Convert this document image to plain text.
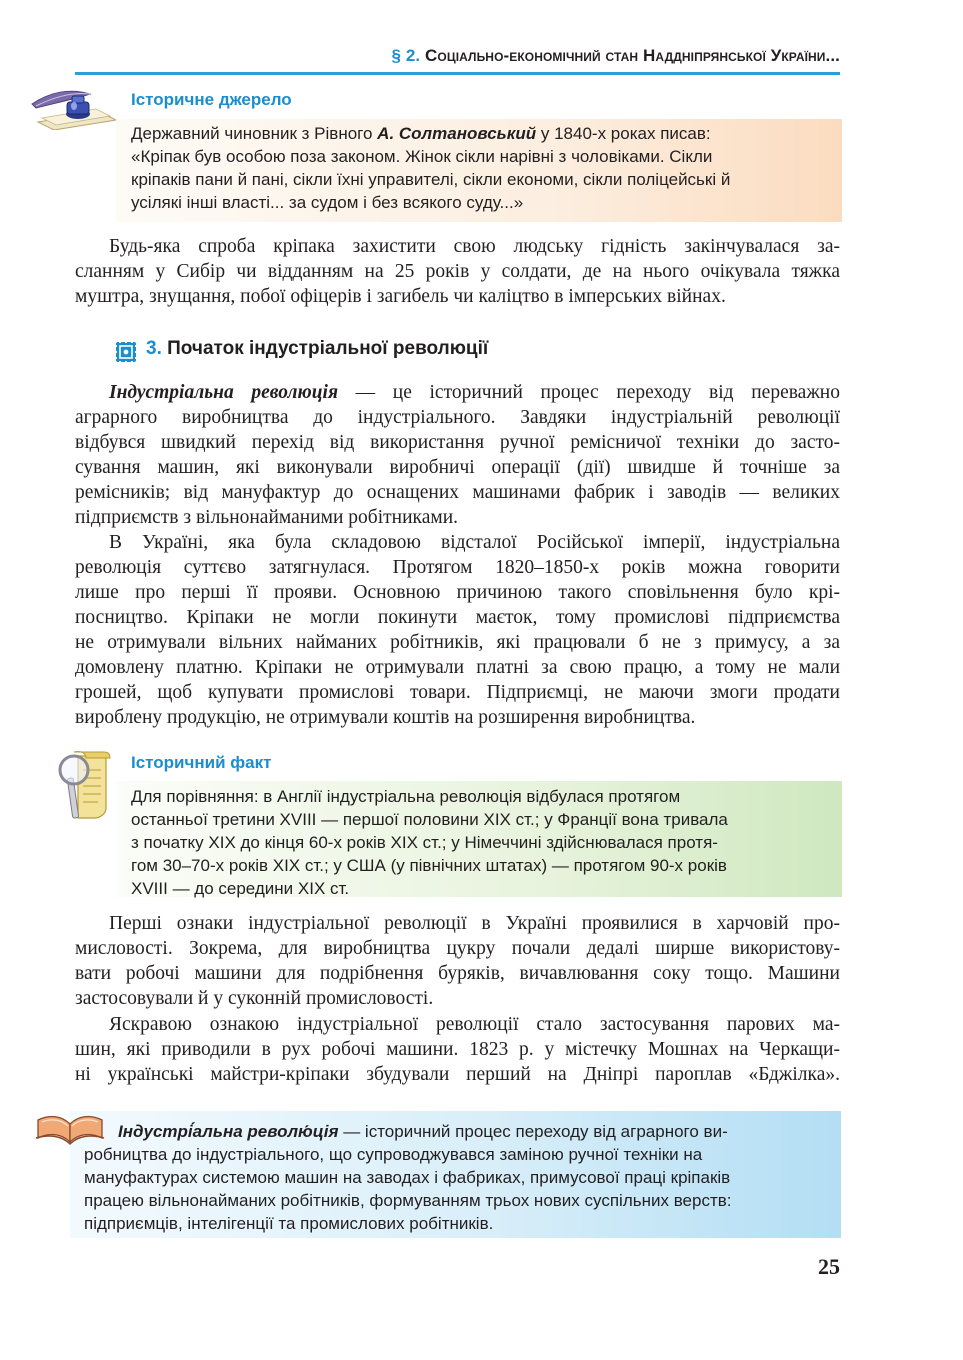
§ 2. Соціально-економічний стан Наддніпрянської України...
Історичне джерело
Державний чиновник з Рівного А. Солтановський у 1840-х роках писав:
«Кріпак був особою поза законом. Жінок сікли нарівні з чоловіками. Сікли
кріпаків пани й пані, сікли їхні управителі, сікли економи, сікли поліцейські й
усілякі інші власті... за судом і без всякого суду...»
Будь-яка спроба кріпака захистити свою людську гідність закінчувалася за-
сланням у Сибір чи відданням на 25 років у солдати, де на нього очікувала тяжка
муштра, знущання, побої офіцерів і загибель чи каліцтво в імперських війнах.
3. Початок індустріальної революції
Індустріальна революція — це історичний процес переходу від переважно
аграрного виробництва до індустріального. Завдяки індустріальній революції
відбувся швидкий перехід від використання ручної ремісничої техніки до засто-
сування машин, які виконували виробничі операції (дії) швидше й точніше за
ремісників; від мануфактур до оснащених машинами фабрик і заводів — великих
підприємств з вільнонайманими робітниками.
В Україні, яка була складовою відсталої Російської імперії, індустріальна
революція суттєво затягнулася. Протягом 1820–1850-х років можна говорити
лише про перші її прояви. Основною причиною такого сповільнення було крі-
посництво. Кріпаки не могли покинути маєток, тому промислові підприємства
не отримували вільних найманих робітників, які працювали б не з примусу, а за
домовлену платню. Кріпаки не отримували платні за свою працю, а тому не мали
грошей, щоб купувати промислові товари. Підприємці, не маючи змоги продати
вироблену продукцію, не отримували коштів на розширення виробництва.
Історичний факт
Для порівняння: в Англії індустріальна революція відбулася протягом
останньої третини XVIII — першої половини XIX ст.; у Франції вона тривала
з початку XIX до кінця 60-х років XIX ст.; у Німеччині здійснювалася протя-
гом 30–70-х років XIX ст.; у США (у північних штатах) — протягом 90-х років
XVIII — до середини XIX ст.
Перші ознаки індустріальної революції в Україні проявилися в харчовій про-
мисловості. Зокрема, для виробництва цукру почали дедалі ширше використову-
вати робочі машини для подрібнення буряків, вичавлювання соку тощо. Машини
застосовували й у суконній промисловості.
Яскравою ознакою індустріальної революції стало застосування парових ма-
шин, які приводили в рух робочі машини. 1823 р. у містечку Мошнах на Черкащи-
ні українські майстри-кріпаки збудували перший на Дніпрі пароплав «Бджілка».
Індустрі́альна револю́ція — історичний процес переходу від аграрного ви-
робництва до індустріального, що супроводжувався заміною ручної техніки на
мануфактурах системою машин на заводах і фабриках, примусової праці кріпаків
працею вільнонайманих робітників, формуванням трьох нових суспільних верств:
підприємців, інтелігенції та промислових робітників.
25
